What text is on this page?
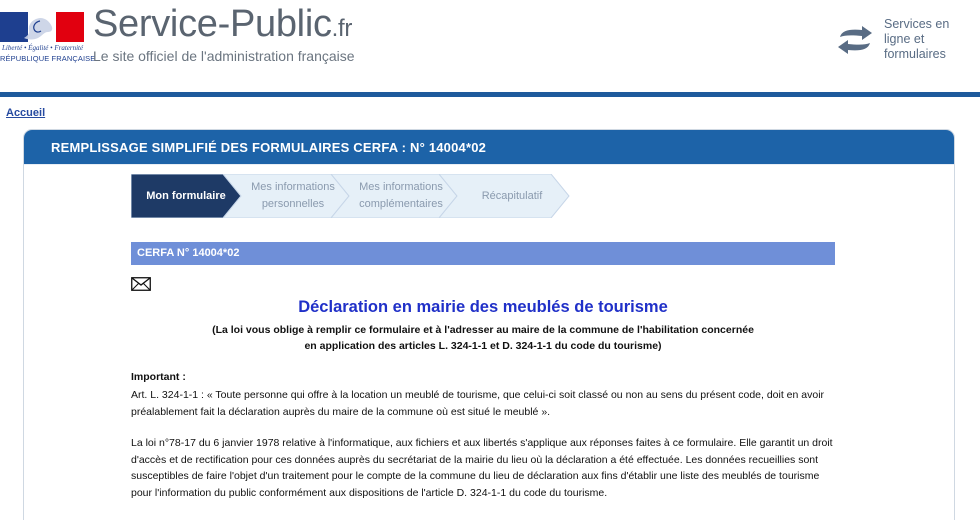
Liberté • Égalité • Fraternité
RÉPUBLIQUE FRANÇAISE
Service-Public.fr
Le site officiel de l'administration française
Services en ligne et formulaires
Accueil
REMPLISSAGE SIMPLIFIÉ DES FORMULAIRES CERFA : N° 14004*02
Mon formulaire
Mes informations
personnelles
Mes informations
complémentaires
Récapitulatif
CERFA N° 14004*02
Déclaration en mairie des meublés de tourisme
(La loi vous oblige à remplir ce formulaire et à l'adresser au maire de la commune de l'habilitation concernée
en application des articles L. 324-1-1 et D. 324-1-1 du code du tourisme)
Important :
Art. L. 324-1-1 : « Toute personne qui offre à la location un meublé de tourisme, que celui-ci soit classé ou non au sens du présent code, doit en avoir préalablement fait la déclaration auprès du maire de la commune où est situé le meublé ».
La loi n°78-17 du 6 janvier 1978 relative à l'informatique, aux fichiers et aux libertés s'applique aux réponses faites à ce formulaire. Elle garantit un droit d'accès et de rectification pour ces données auprès du secrétariat de la mairie du lieu où la déclaration a été effectuée. Les données recueillies sont susceptibles de faire l'objet d'un traitement pour le compte de la commune du lieu de déclaration aux fins d'établir une liste des meublés de tourisme pour l'information du public conformément aux dispositions de l'article D. 324-1-1 du code du tourisme.
